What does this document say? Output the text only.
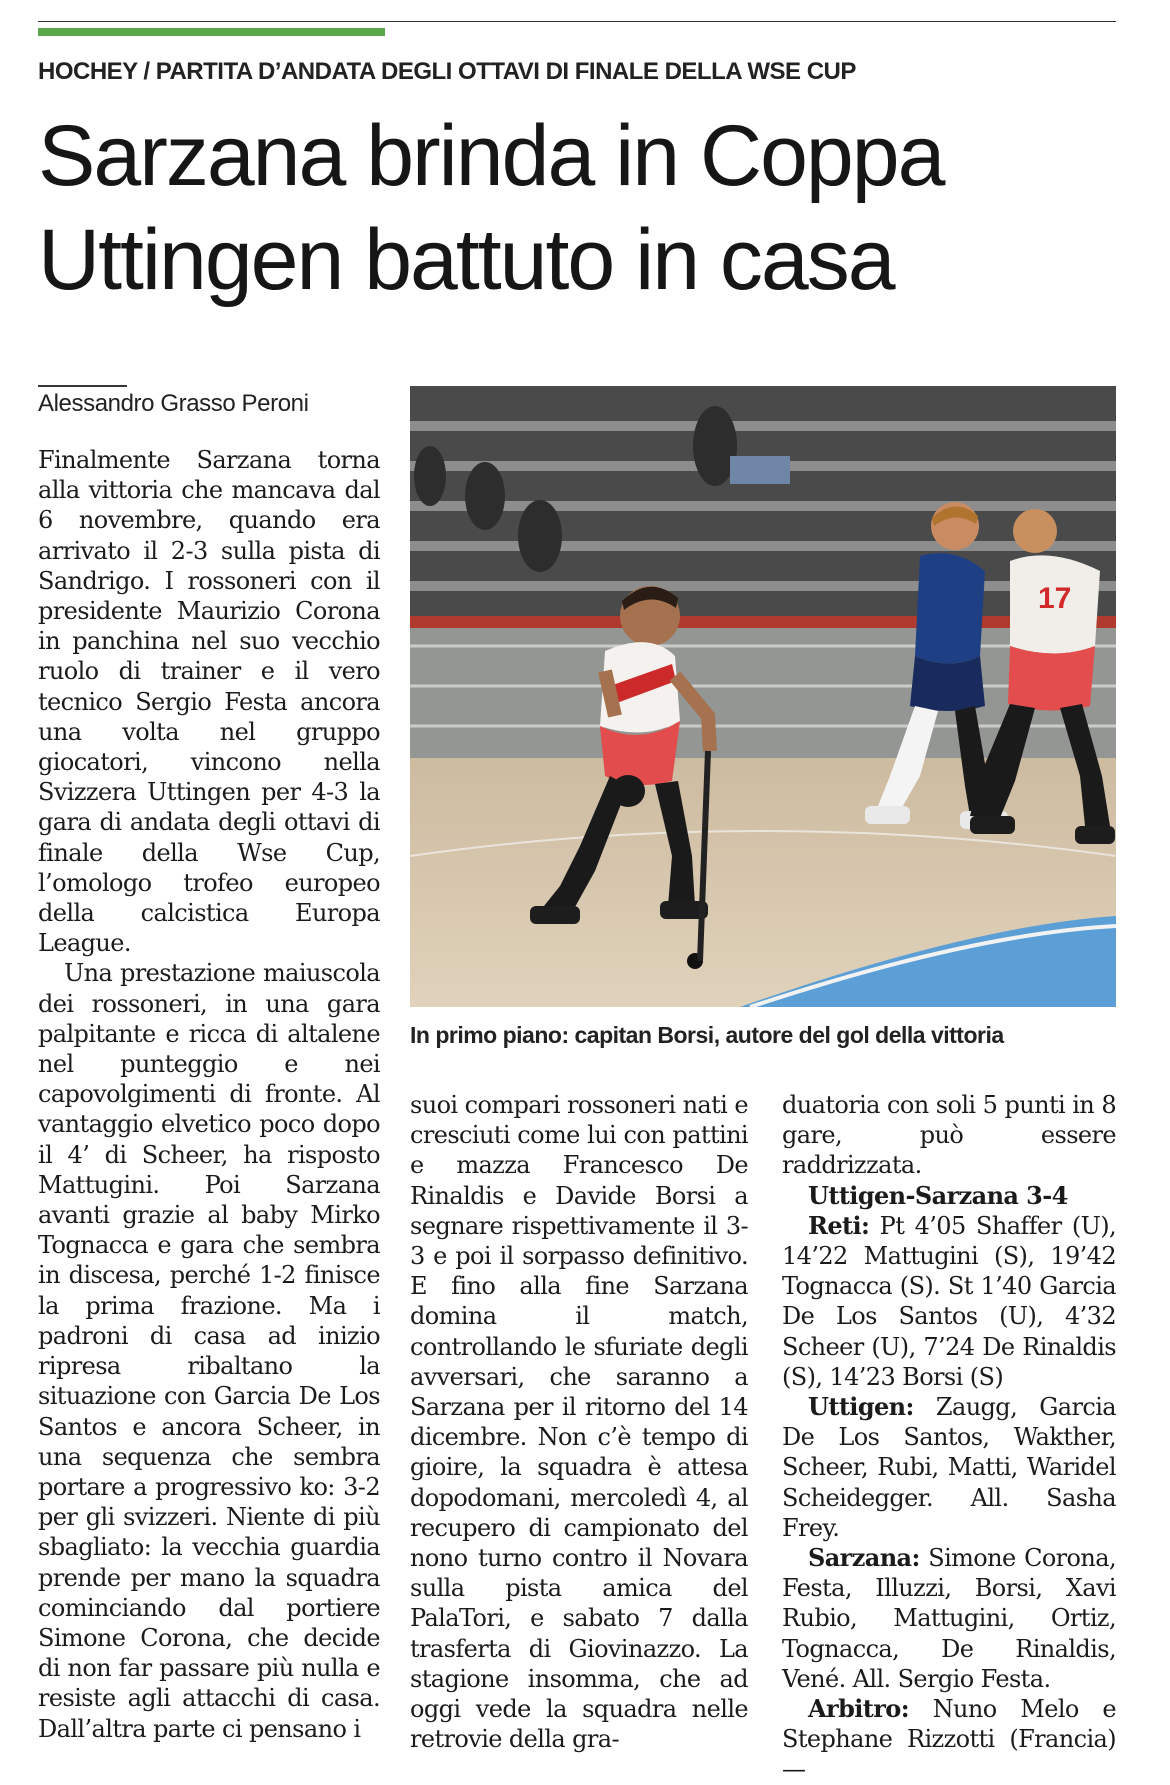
HOCHEY / PARTITA D’ANDATA DEGLI OTTAVI DI FINALE DELLA WSE CUP
Sarzana brinda in Coppa
Uttingen battuto in casa
Alessandro Grasso Peroni

Finalmente Sarzana torna alla vittoria che mancava dal 6 novembre, quando era arrivato il 2-3 sulla pista di Sandrigo. I rossoneri con il presidente Maurizio Corona in panchina nel suo vecchio ruolo di trainer e il vero tecnico Sergio Festa ancora una volta nel gruppo giocatori, vincono nella Svizzera Uttingen per 4-3 la gara di andata degli ottavi di finale della Wse Cup, l’omologo trofeo europeo della calcistica Europa League.

Una prestazione maiuscola dei rossoneri, in una gara palpitante e ricca di altalene nel punteggio e nei capovolgimenti di fronte. Al vantaggio elvetico poco dopo il 4’ di Scheer, ha risposto Mattugini. Poi Sarzana avanti grazie al baby Mirko Tognacca e gara che sembra in discesa, perché 1-2 finisce la prima frazione. Ma i padroni di casa ad inizio ripresa ribaltano la situazione con Garcia De Los Santos e ancora Scheer, in una sequenza che sembra portare a progressivo ko: 3-2 per gli svizzeri. Niente di più sbagliato: la vecchia guardia prende per mano la squadra cominciando dal portiere Simone Corona, che decide di non far passare più nulla e resiste agli attacchi di casa. Dall’altra parte ci pensano i

17
In primo piano: capitan Borsi, autore del gol della vittoria

suoi compari rossoneri nati e cresciuti come lui con pattini e mazza Francesco De Rinaldis e Davide Borsi a segnare rispettivamente il 3-3 e poi il sorpasso definitivo. E fino alla fine Sarzana domina il match, controllando le sfuriate degli avversari, che saranno a Sarzana per il ritorno del 14 dicembre. Non c’è tempo di gioire, la squadra è attesa dopodomani, mercoledì 4, al recupero di campionato del nono turno contro il Novara sulla pista amica del PalaTori, e sabato 7 dalla trasferta di Giovinazzo. La stagione insomma, che ad oggi vede la squadra nelle retrovie della gra-

duatoria con soli 5 punti in 8 gare, può essere raddrizzata.

Uttigen-Sarzana 3-4

Reti: Pt 4’05 Shaffer (U), 14’22 Mattugini (S), 19’42 Tognacca (S). St 1’40 Garcia De Los Santos (U), 4’32 Scheer (U), 7’24 De Rinaldis (S), 14’23 Borsi (S)

Uttigen: Zaugg, Garcia De Los Santos, Wakther, Scheer, Rubi, Matti, Waridel Scheidegger. All. Sasha Frey.

Sarzana: Simone Corona, Festa, Illuzzi, Borsi, Xavi Rubio, Mattugini, Ortiz, Tognacca, De Rinaldis, Vené. All. Sergio Festa.

Arbitro: Nuno Melo e Stephane Rizzotti (Francia) —
